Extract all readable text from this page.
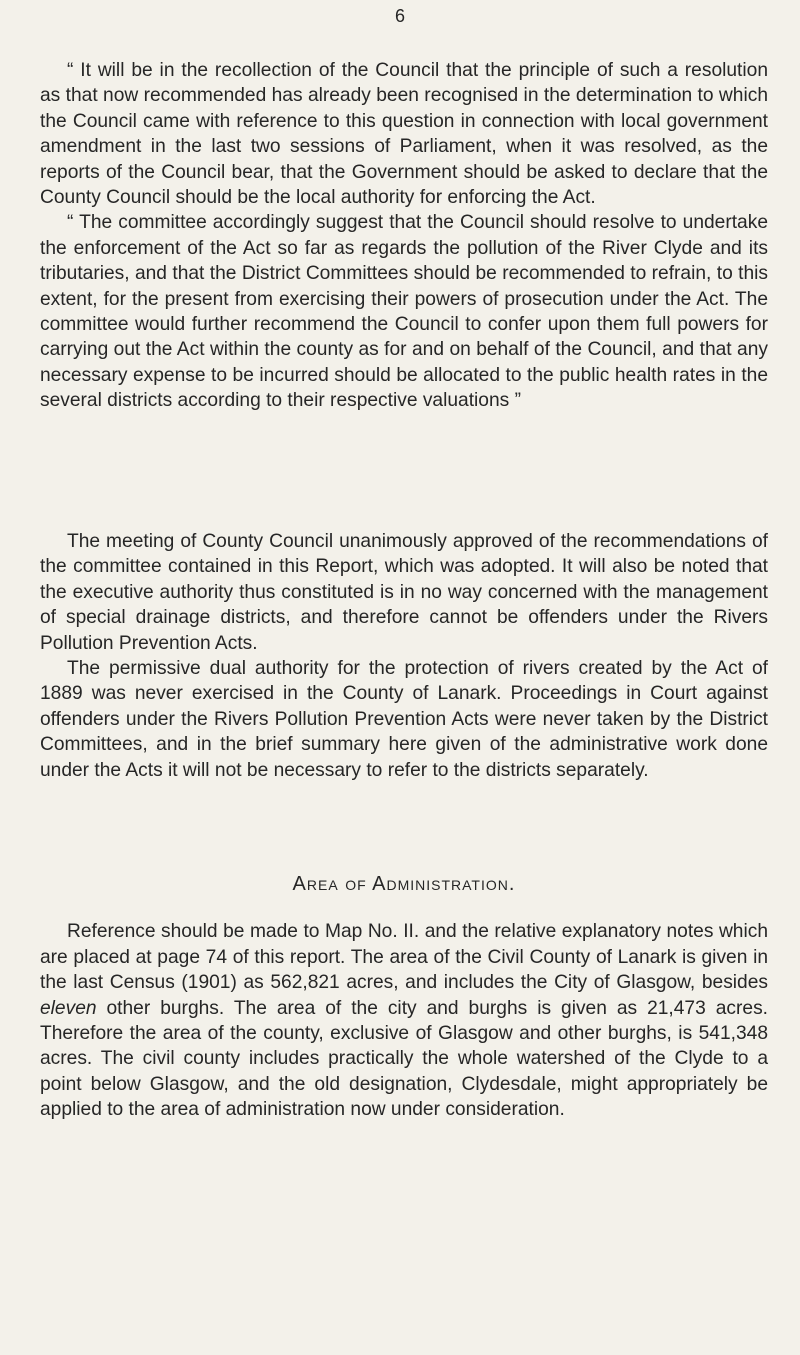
6

“ It will be in the recollection of the Council that the principle of such a resolution as that now recommended has already been recognised in the determination to which the Council came with reference to this question in connection with local government amendment in the last two sessions of Parliament, when it was resolved, as the reports of the Council bear, that the Government should be asked to declare that the County Council should be the local authority for enforcing the Act.

“ The committee accordingly suggest that the Council should resolve to undertake the enforcement of the Act so far as regards the pollution of the River Clyde and its tributaries, and that the District Committees should be recommended to refrain, to this extent, for the present from exercising their powers of prosecution under the Act. The committee would further recommend the Council to confer upon them full powers for carrying out the Act within the county as for and on behalf of the Council, and that any necessary expense to be incurred should be allocated to the public health rates in the several districts according to their respective valuations ”

The meeting of County Council unanimously approved of the recommendations of the committee contained in this Report, which was adopted. It will also be noted that the executive authority thus constituted is in no way concerned with the management of special drainage districts, and therefore cannot be offenders under the Rivers Pollution Prevention Acts.

The permissive dual authority for the protection of rivers created by the Act of 1889 was never exercised in the County of Lanark. Proceedings in Court against offenders under the Rivers Pollution Prevention Acts were never taken by the District Committees, and in the brief summary here given of the administrative work done under the Acts it will not be necessary to refer to the districts separately.

Area of Administration.

Reference should be made to Map No. II. and the relative explanatory notes which are placed at page 74 of this report. The area of the Civil County of Lanark is given in the last Census (1901) as 562,821 acres, and includes the City of Glasgow, besides eleven other burghs. The area of the city and burghs is given as 21,473 acres. Therefore the area of the county, exclusive of Glasgow and other burghs, is 541,348 acres. The civil county includes practically the whole watershed of the Clyde to a point below Glasgow, and the old designation, Clydesdale, might appropriately be applied to the area of administration now under consideration.
